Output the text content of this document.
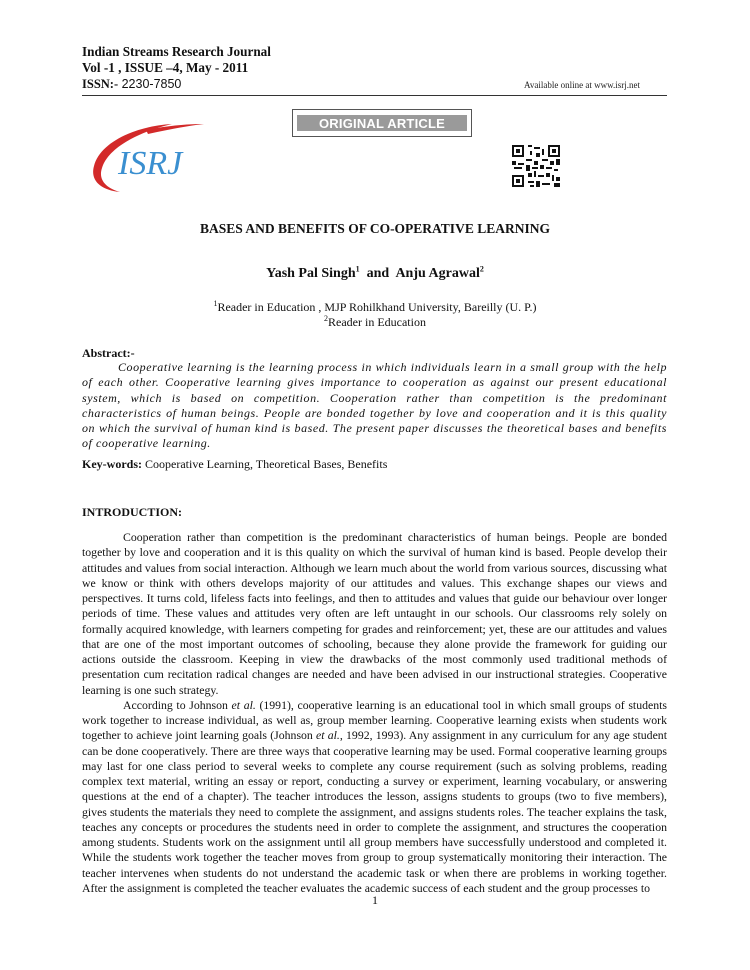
Indian Streams Research Journal
Vol -1 , ISSUE –4, May - 2011
ISSN:- 2230-7850	Available online at www.isrj.net
ORIGINAL ARTICLE
ISRJ
BASES AND BENEFITS OF CO-OPERATIVE LEARNING
Yash Pal Singh$^1$ and Anju Agrawal$^2$
$^1$Reader in Education , MJP Rohilkhand University, Bareilly (U. P.)
$^2$Reader in Education
Abstract:-
Cooperative learning is the learning process in which individuals learn in a small group with the help of each other. Cooperative learning gives importance to cooperation as against our present educational system, which is based on competition. Cooperation rather than competition is the predominant characteristics of human beings. People are bonded together by love and cooperation and it is this quality on which the survival of human kind is based. The present paper discusses the theoretical bases and benefits of cooperative learning.
Key-words: Cooperative Learning, Theoretical Bases, Benefits
INTRODUCTION:

Cooperation rather than competition is the predominant characteristics of human beings. People are bonded together by love and cooperation and it is this quality on which the survival of human kind is based. People develop their attitudes and values from social interaction. Although we learn much about the world from various sources, discussing what we know or think with others develops majority of our attitudes and values. This exchange shapes our views and perspectives. It turns cold, lifeless facts into feelings, and then to attitudes and values that guide our behaviour over longer periods of time. These values and attitudes very often are left untaught in our schools. Our classrooms rely solely on formally acquired knowledge, with learners competing for grades and reinforcement; yet, these are our attitudes and values that are one of the most important outcomes of schooling, because they alone provide the framework for guiding our actions outside the classroom. Keeping in view the drawbacks of the most commonly used traditional methods of presentation cum recitation radical changes are needed and have been advised in our instructional strategies. Cooperative learning is one such strategy.

According to Johnson et al. (1991), cooperative learning is an educational tool in which small groups of students work together to increase individual, as well as, group member learning. Cooperative learning exists when students work together to achieve joint learning goals (Johnson et al., 1992, 1993). Any assignment in any curriculum for any age student can be done cooperatively. There are three ways that cooperative learning may be used. Formal cooperative learning groups may last for one class period to several weeks to complete any course requirement (such as solving problems, reading complex text material, writing an essay or report, conducting a survey or experiment, learning vocabulary, or answering questions at the end of a chapter). The teacher introduces the lesson, assigns students to groups (two to five members), gives students the materials they need to complete the assignment, and assigns students roles. The teacher explains the task, teaches any concepts or procedures the students need in order to complete the assignment, and structures the cooperation among students. Students work on the assignment until all group members have successfully understood and completed it. While the students work together the teacher moves from group to group systematically monitoring their interaction. The teacher intervenes when students do not understand the academic task or when there are problems in working together. After the assignment is completed the teacher evaluates the academic success of each student and the group processes to

1
